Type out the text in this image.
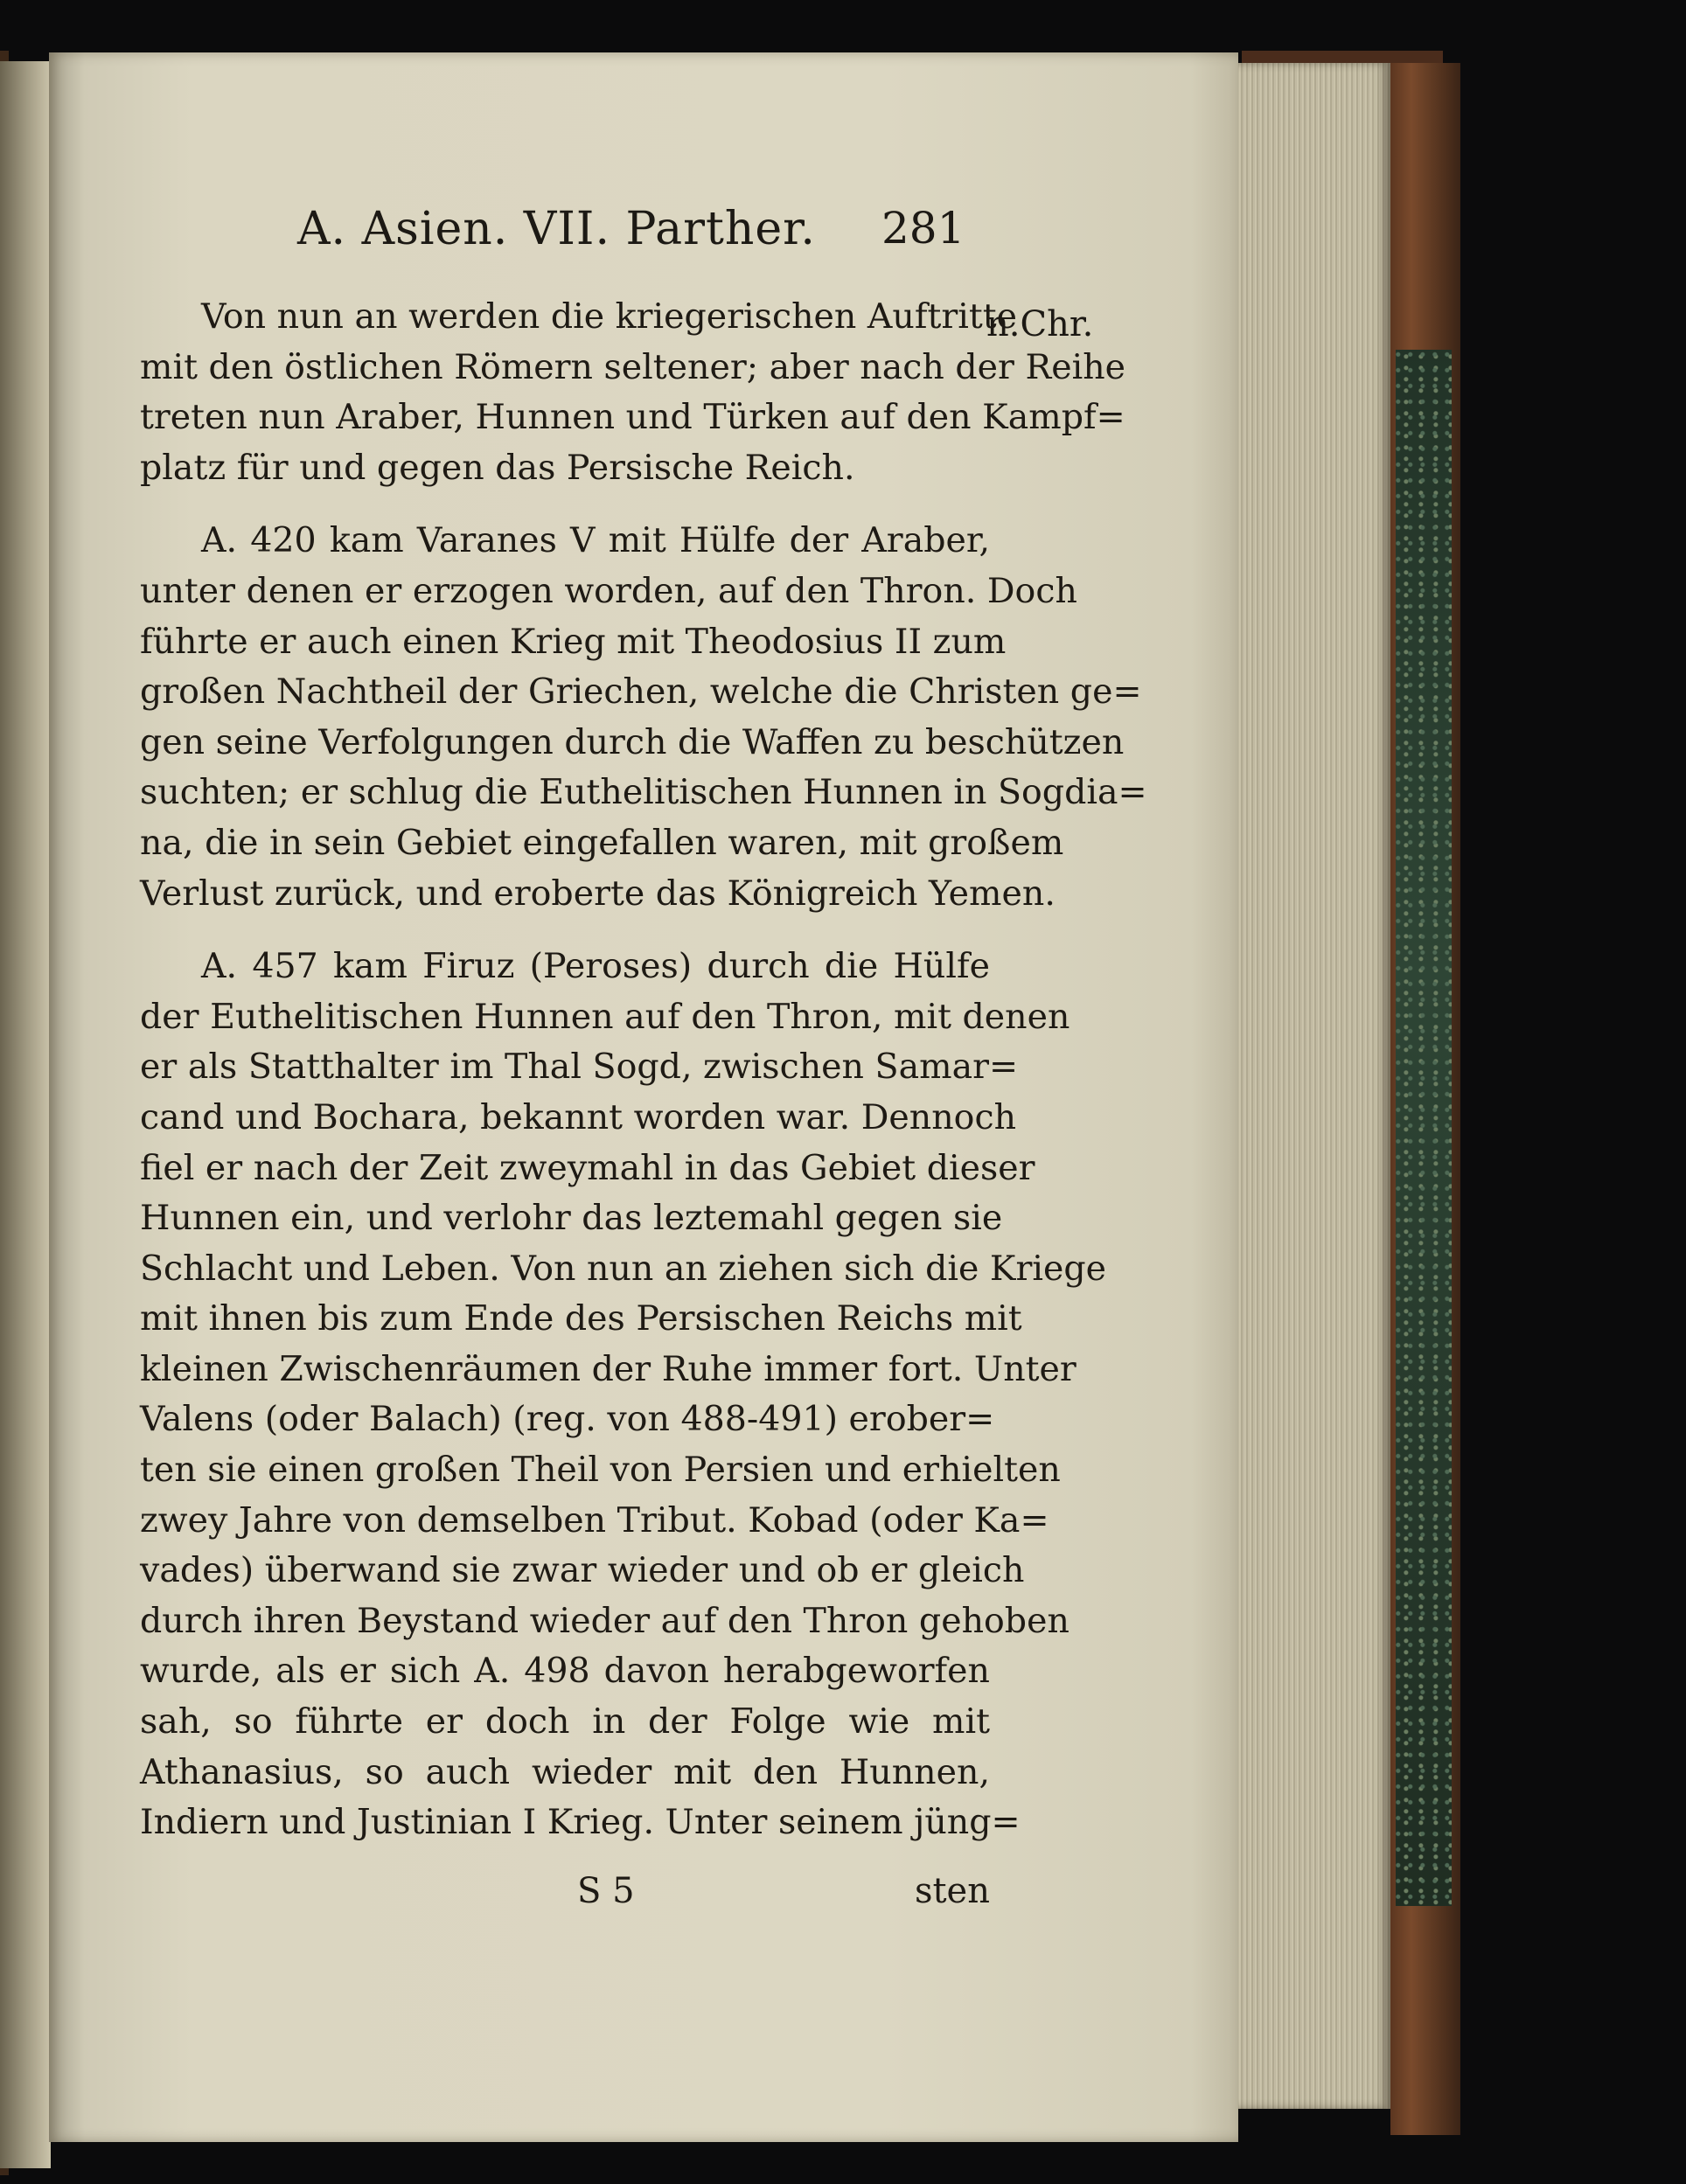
A. Asien. VII. Parther. 281
n.Chr.
Von nun an werden die kriegerischen Auftritte
mit den östlichen Römern seltener; aber nach der Reihe
treten nun Araber, Hunnen und Türken auf den Kampf=
platz für und gegen das Persische Reich.
A. 420 kam Varanes V mit Hülfe der Araber,
unter denen er erzogen worden, auf den Thron. Doch
führte er auch einen Krieg mit Theodosius II zum
großen Nachtheil der Griechen, welche die Christen ge=
gen seine Verfolgungen durch die Waffen zu beschützen
suchten; er schlug die Euthelitischen Hunnen in Sogdia=
na, die in sein Gebiet eingefallen waren, mit großem
Verlust zurück, und eroberte das Königreich Yemen.
A. 457 kam Firuz (Peroses) durch die Hülfe
der Euthelitischen Hunnen auf den Thron, mit denen
er als Statthalter im Thal Sogd, zwischen Samar=
cand und Bochara, bekannt worden war. Dennoch
fiel er nach der Zeit zweymahl in das Gebiet dieser
Hunnen ein, und verlohr das leztemahl gegen sie
Schlacht und Leben. Von nun an ziehen sich die Kriege
mit ihnen bis zum Ende des Persischen Reichs mit
kleinen Zwischenräumen der Ruhe immer fort. Unter
Valens (oder Balach) (reg. von 488-491) erober=
ten sie einen großen Theil von Persien und erhielten
zwey Jahre von demselben Tribut. Kobad (oder Ka=
vades) überwand sie zwar wieder und ob er gleich
durch ihren Beystand wieder auf den Thron gehoben
wurde, als er sich A. 498 davon herabgeworfen
sah, so führte er doch in der Folge wie mit
Athanasius, so auch wieder mit den Hunnen,
Indiern und Justinian I Krieg. Unter seinem jüng=
S 5	sten
